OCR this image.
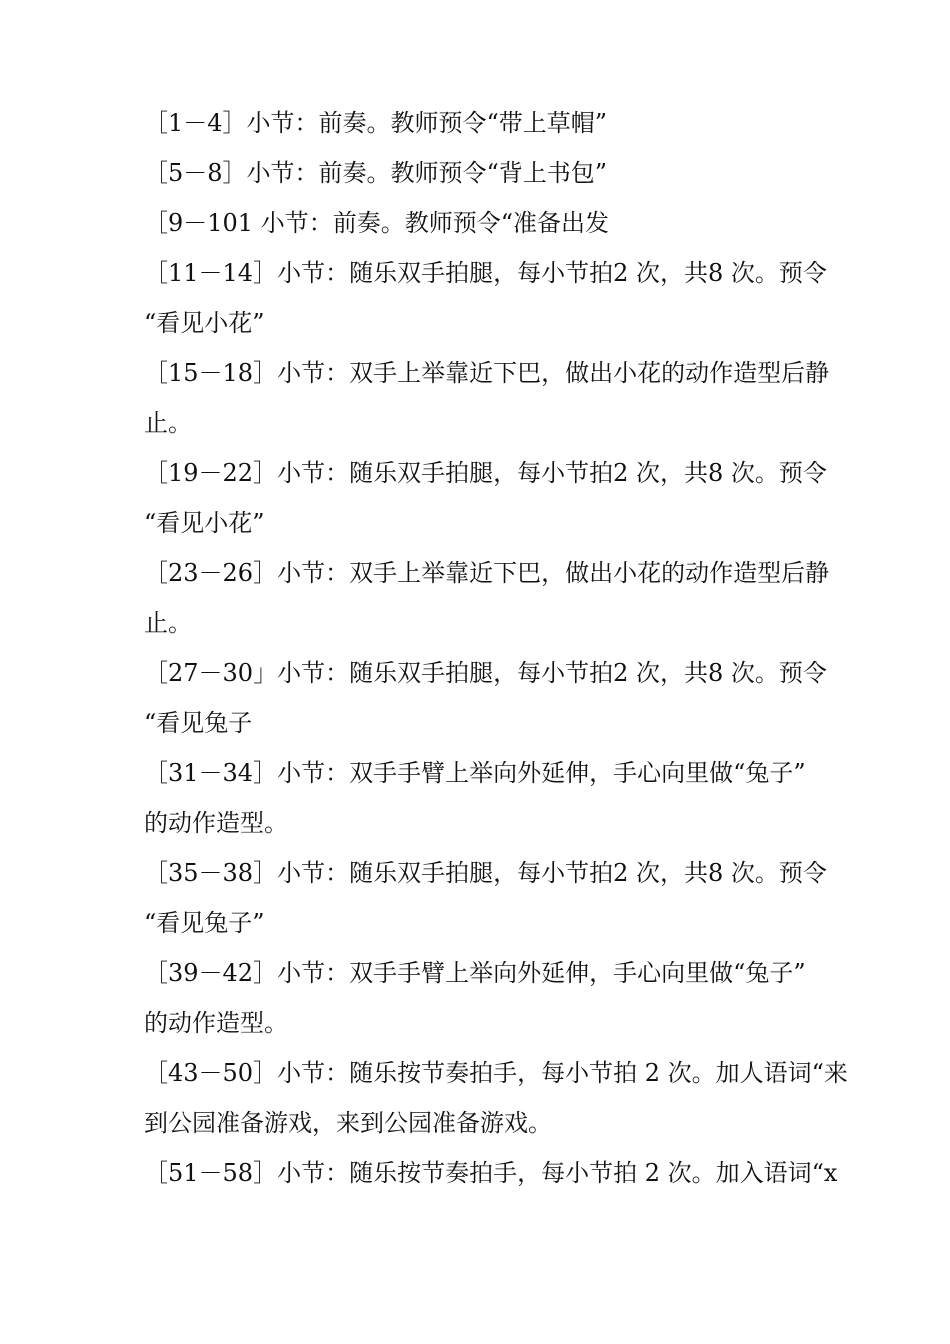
［1－4］小节：前奏。教师预令“带上草帽”
［5－8］小节：前奏。教师预令“背上书包”
［9－101 小节：前奏。教师预令“准备出发
［11－14］小节：随乐双手拍腿，每小节拍2 次，共8 次。预令
“看见小花”
［15－18］小节：双手上举靠近下巴，做出小花的动作造型后静
止。
［19－22］小节：随乐双手拍腿，每小节拍2 次，共8 次。预令
“看见小花”
［23－26］小节：双手上举靠近下巴，做出小花的动作造型后静
止。
［27－30」小节：随乐双手拍腿，每小节拍2 次，共8 次。预令
“看见兔子
［31－34］小节：双手手臂上举向外延伸，手心向里做“兔子”
的动作造型。
［35－38］小节：随乐双手拍腿，每小节拍2 次，共8 次。预令
“看见兔子”
［39－42］小节：双手手臂上举向外延伸，手心向里做“兔子”
的动作造型。
［43－50］小节：随乐按节奏拍手，每小节拍 2 次。加人语词“来
到公园准备游戏，来到公园准备游戏。
［51－58］小节：随乐按节奏拍手，每小节拍 2 次。加入语词“x
